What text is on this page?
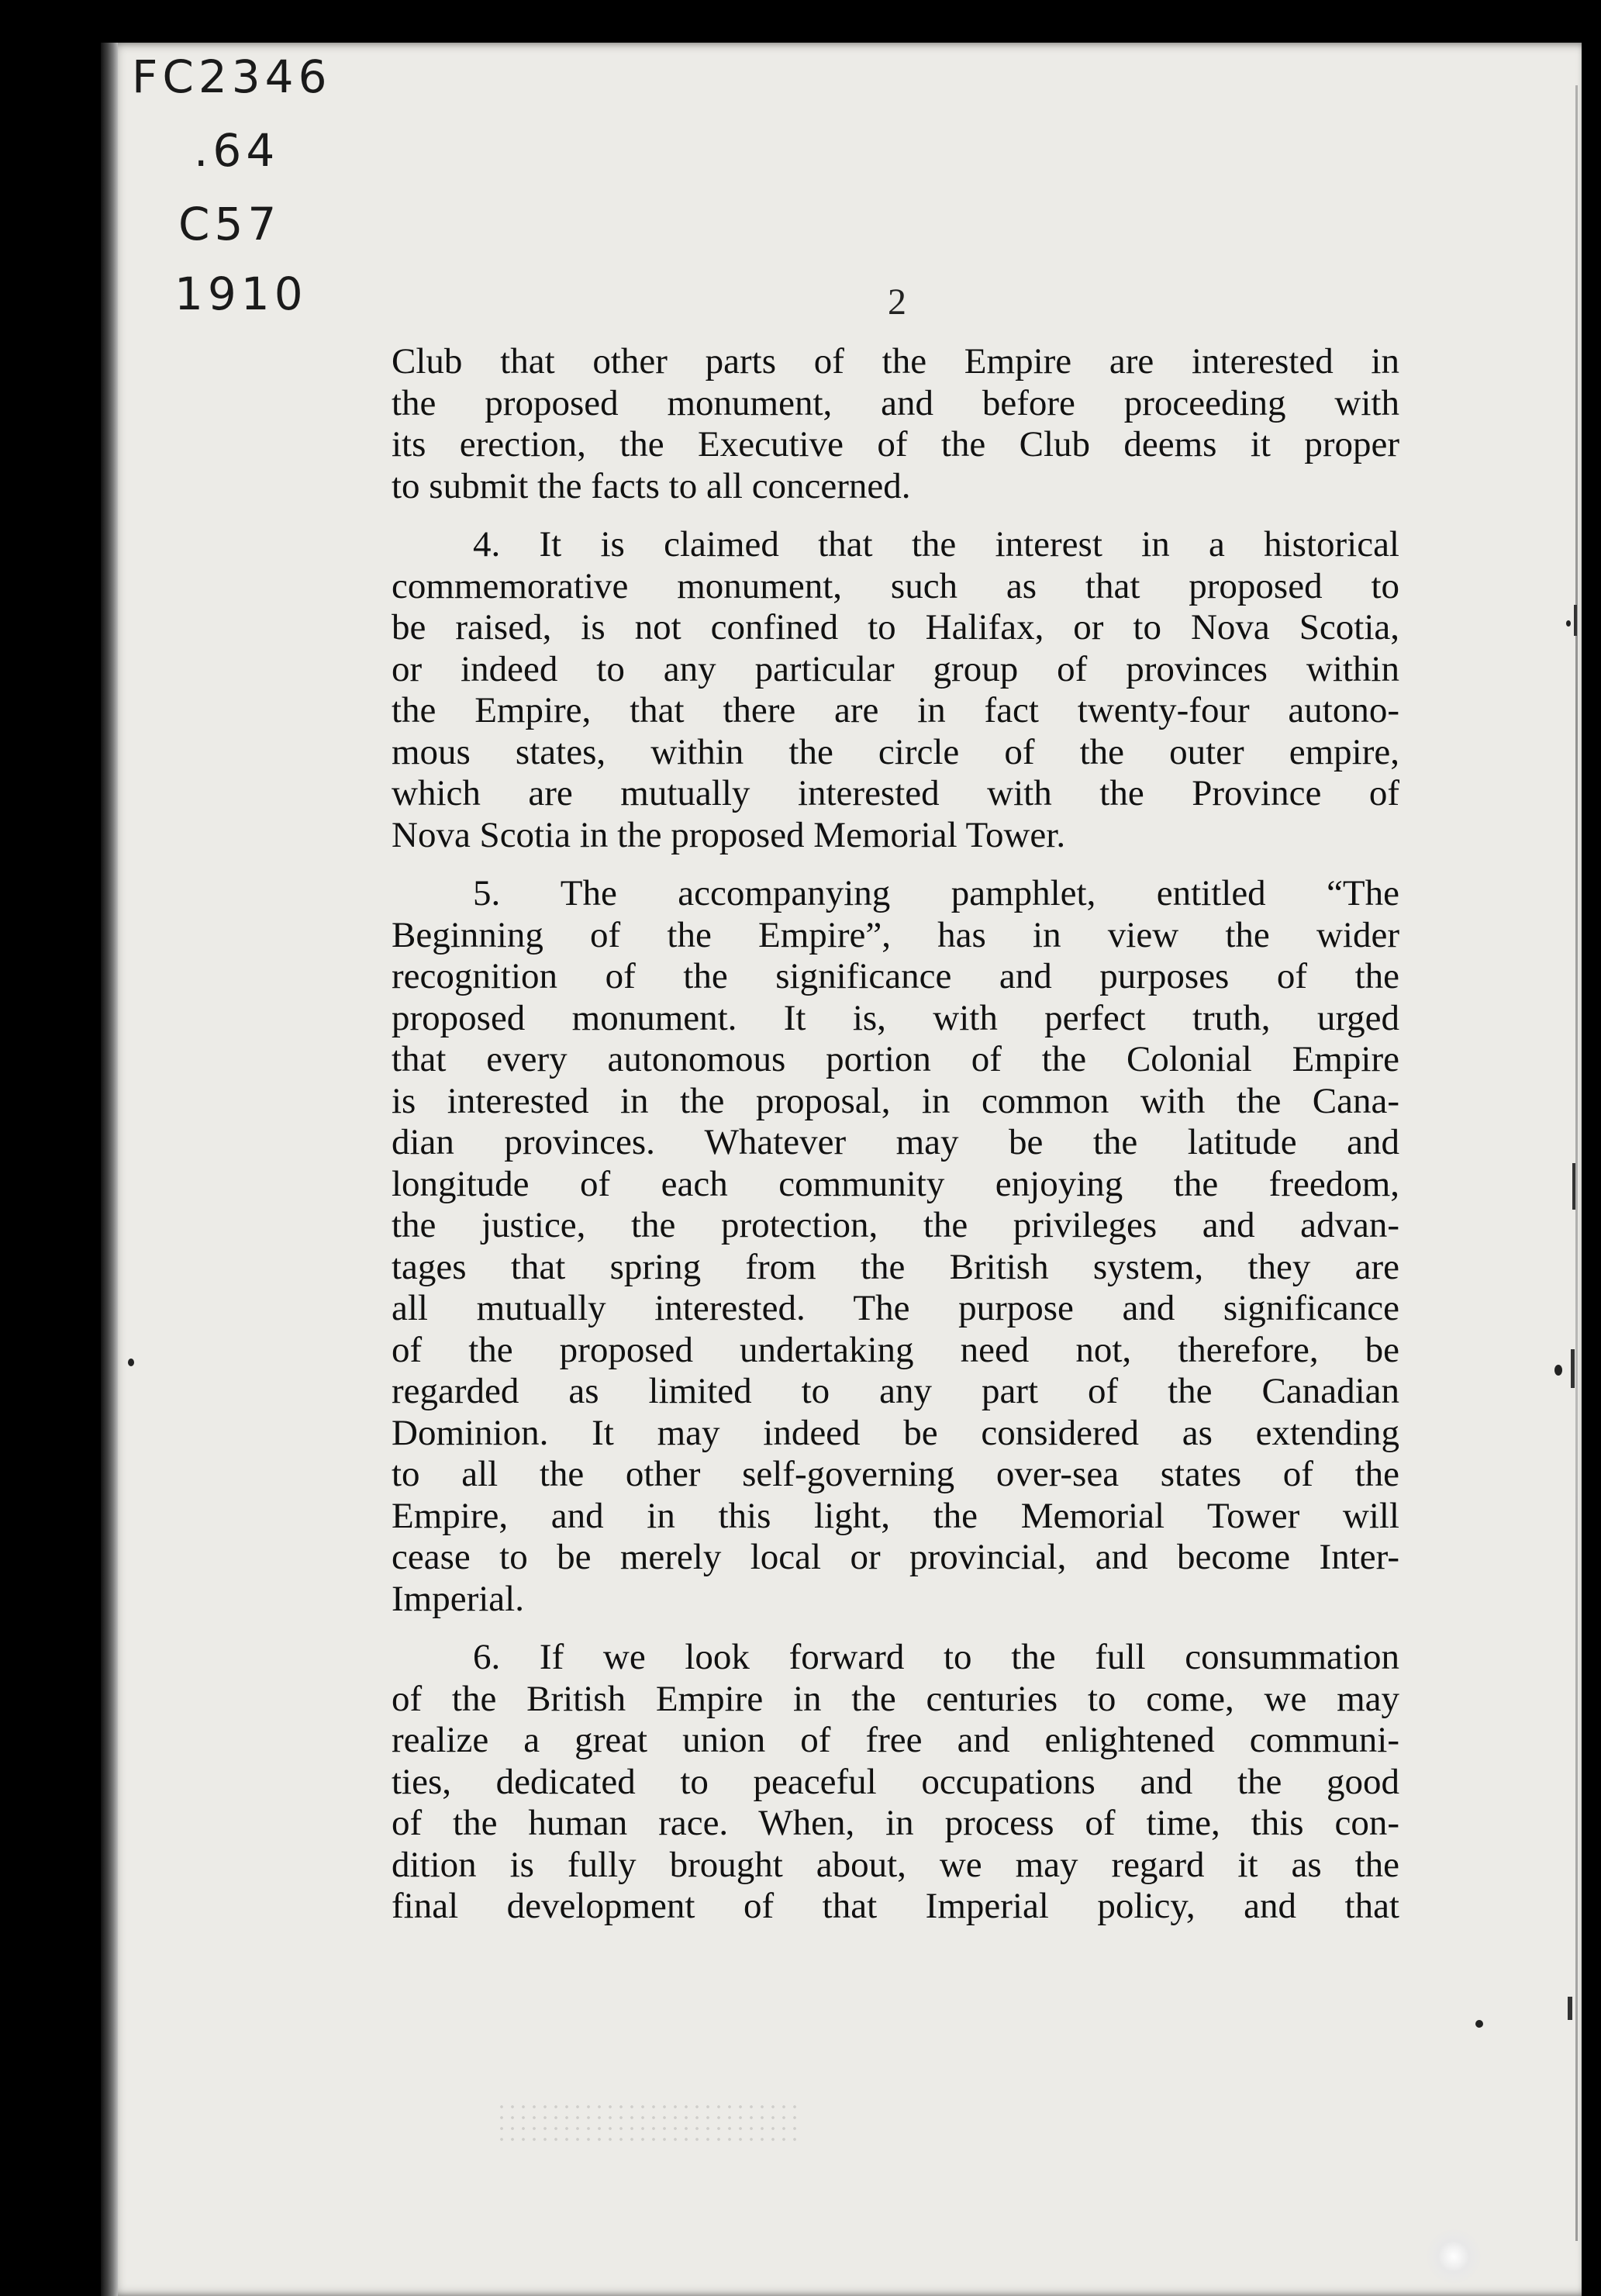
FC2346
.64
C57
1910	2
Club that other parts of the Empire are interested in
the proposed monument, and before proceeding with
its erection, the Executive of the Club deems it proper
to submit the facts to all concerned.
4. It is claimed that the interest in a historical
commemorative monument, such as that proposed to
be raised, is not confined to Halifax, or to Nova Scotia,
or indeed to any particular group of provinces within
the Empire, that there are in fact twenty-four autono-
mous states, within the circle of the outer empire,
which are mutually interested with the Province of
Nova Scotia in the proposed Memorial Tower.
5. The accompanying pamphlet, entitled “The
Beginning of the Empire”, has in view the wider
recognition of the significance and purposes of the
proposed monument. It is, with perfect truth, urged
that every autonomous portion of the Colonial Empire
is interested in the proposal, in common with the Cana-
dian provinces. Whatever may be the latitude and
longitude of each community enjoying the freedom,
the justice, the protection, the privileges and advan-
tages that spring from the British system, they are
all mutually interested. The purpose and significance
of the proposed undertaking need not, therefore, be
regarded as limited to any part of the Canadian
Dominion. It may indeed be considered as extending
to all the other self-governing over-sea states of the
Empire, and in this light, the Memorial Tower will
cease to be merely local or provincial, and become Inter-
Imperial.
6. If we look forward to the full consummation
of the British Empire in the centuries to come, we may
realize a great union of free and enlightened communi-
ties, dedicated to peaceful occupations and the good
of the human race. When, in process of time, this con-
dition is fully brought about, we may regard it as the
final development of that Imperial policy, and that
